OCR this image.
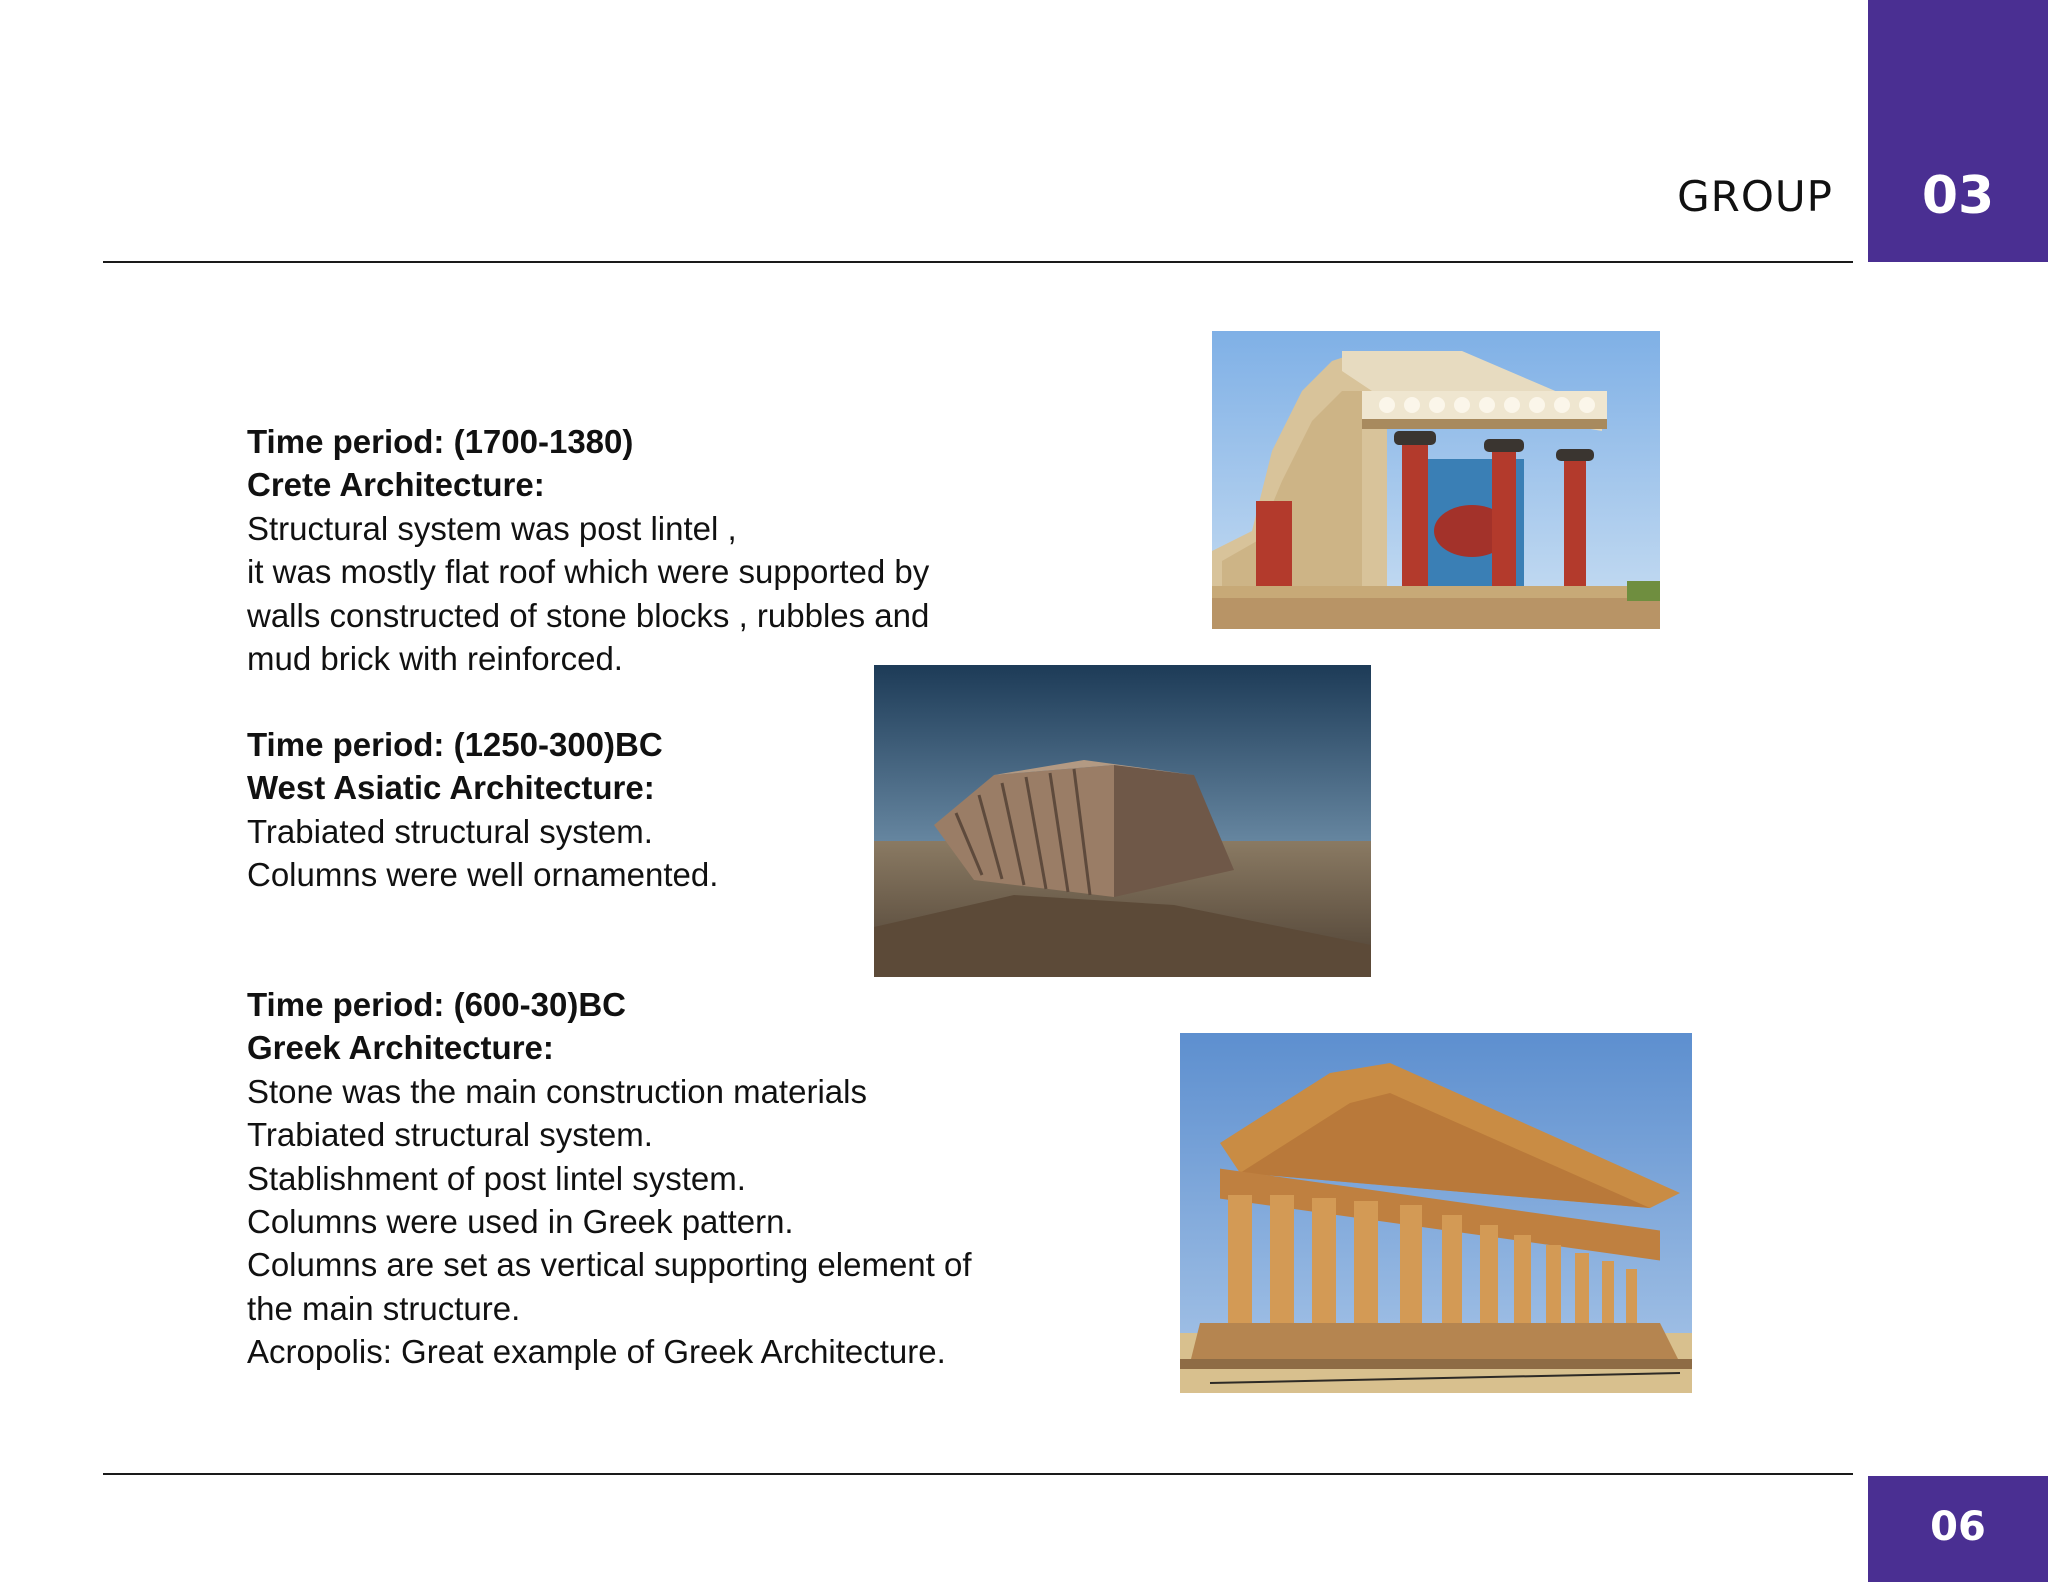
GROUP 03
Time period: (1700-1380)
Crete Architecture:
Structural system was post lintel ,
it was mostly flat roof which were supported by
walls constructed of stone blocks , rubbles and
mud brick with reinforced.
Time period: (1250-300)BC
West Asiatic Architecture:
Trabiated structural system.
Columns were well ornamented.
Time period: (600-30)BC
Greek Architecture:
Stone was the main construction materials
Trabiated structural system.
Stablishment of post lintel system.
Columns were used in Greek pattern.
Columns are set as vertical supporting element of
the main structure.
Acropolis: Great example of Greek Architecture.
06
